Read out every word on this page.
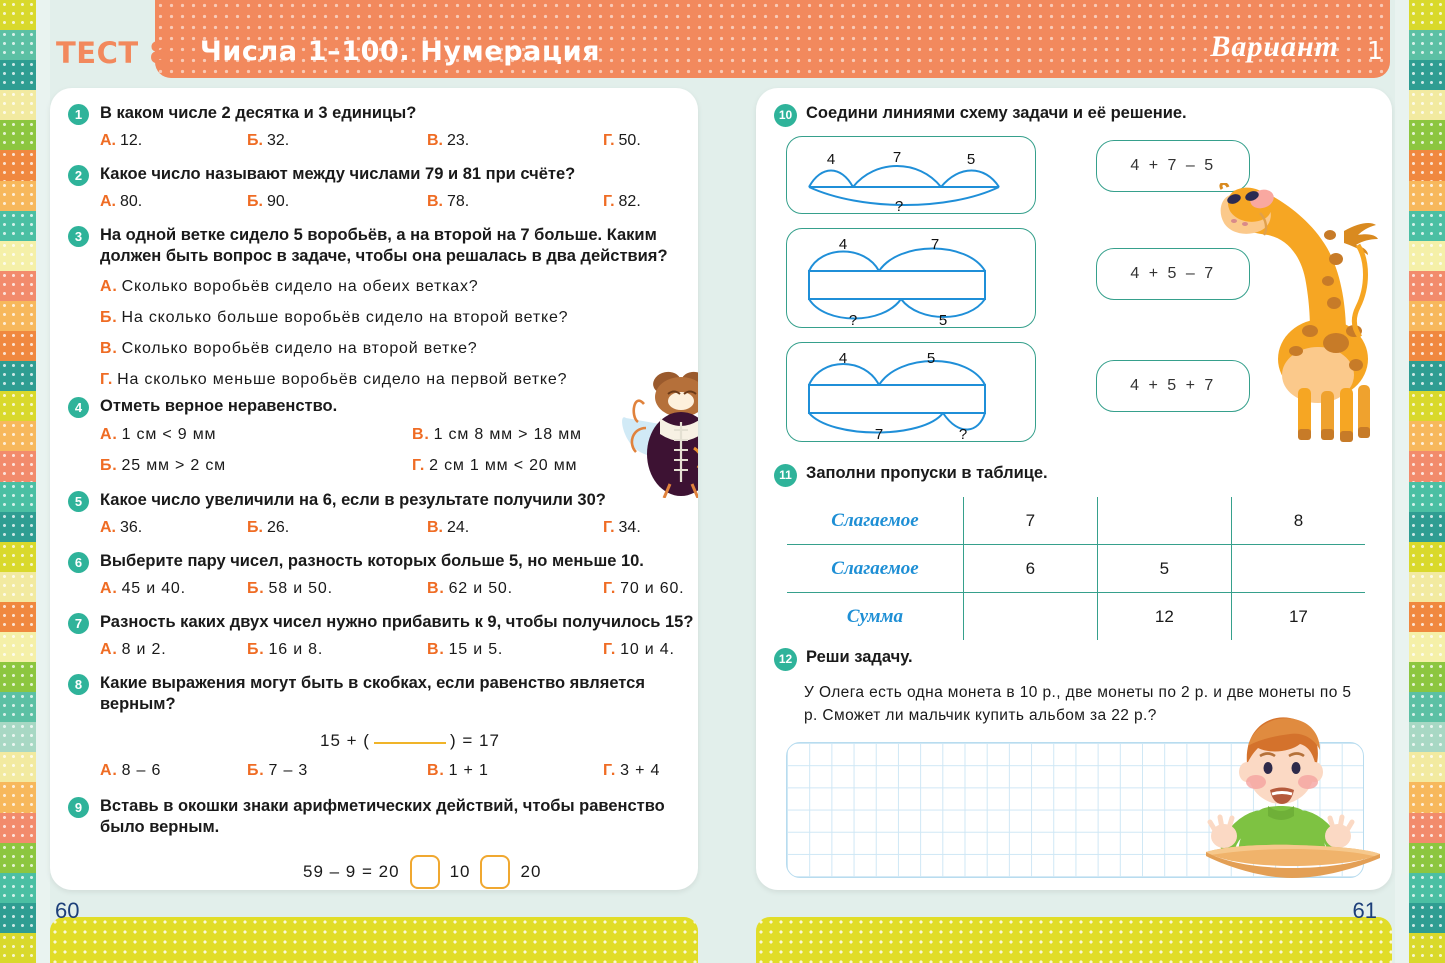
ТЕСТ 8. Числа 1–100. Нумерация	Вариант 1
1	В каком числе 2 десятка и 3 единицы?
А. 12.	Б. 32.	В. 23.	Г. 50.
2	Какое число называют между числами 79 и 81 при счёте?
А. 80.	Б. 90.	В. 78.	Г. 82.
3	На одной ветке сидело 5 воробьёв, а на второй на 7 больше. Каким должен быть вопрос в задаче, чтобы она решалась в два действия?
А. Сколько воробьёв сидело на обеих ветках?
Б. На сколько больше воробьёв сидело на второй ветке?
В. Сколько воробьёв сидело на второй ветке?
Г. На сколько меньше воробьёв сидело на первой ветке?
4	Отметь верное неравенство.
А. 1 см < 9 мм
Б. 25 мм > 2 см
В. 1 см 8 мм > 18 мм
Г. 2 см 1 мм < 20 мм
5	Какое число увеличили на 6, если в результате получили 30?
А. 36.	Б. 26.	В. 24.	Г. 34.
6	Выберите пару чисел, разность которых больше 5, но меньше 10.
А. 45 и 40.	Б. 58 и 50.	В. 62 и 50.	Г. 70 и 60.
7	Разность каких двух чисел нужно прибавить к 9, чтобы получилось 15?
А. 8 и 2.	Б. 16 и 8.	В. 15 и 5.	Г. 10 и 4.
8	Какие выражения могут быть в скобках, если равенство является верным?
15 + (	) = 17
А. 8 – 6	Б. 7 – 3	В. 1 + 1	Г. 3 + 4
9	Вставь в окошки знаки арифметических действий, чтобы равенство было верным.
59 – 9 = 20	10	20
60
10 Соедини линиями схему задачи и её решение.
4	7	5
?
4	7
?	5
4	5
7	?
4 + 7 – 5
4 + 5 – 7
4 + 5 + 7
11 Заполни пропуски в таблице.
Слагаемое	7		8
Слагаемое	6	5	
Сумма		12	17
12 Реши задачу.
У Олега есть одна монета в 10 р., две монеты по 2 р. и две монеты по 5 р. Сможет ли мальчик купить альбом за 22 р.?
61
